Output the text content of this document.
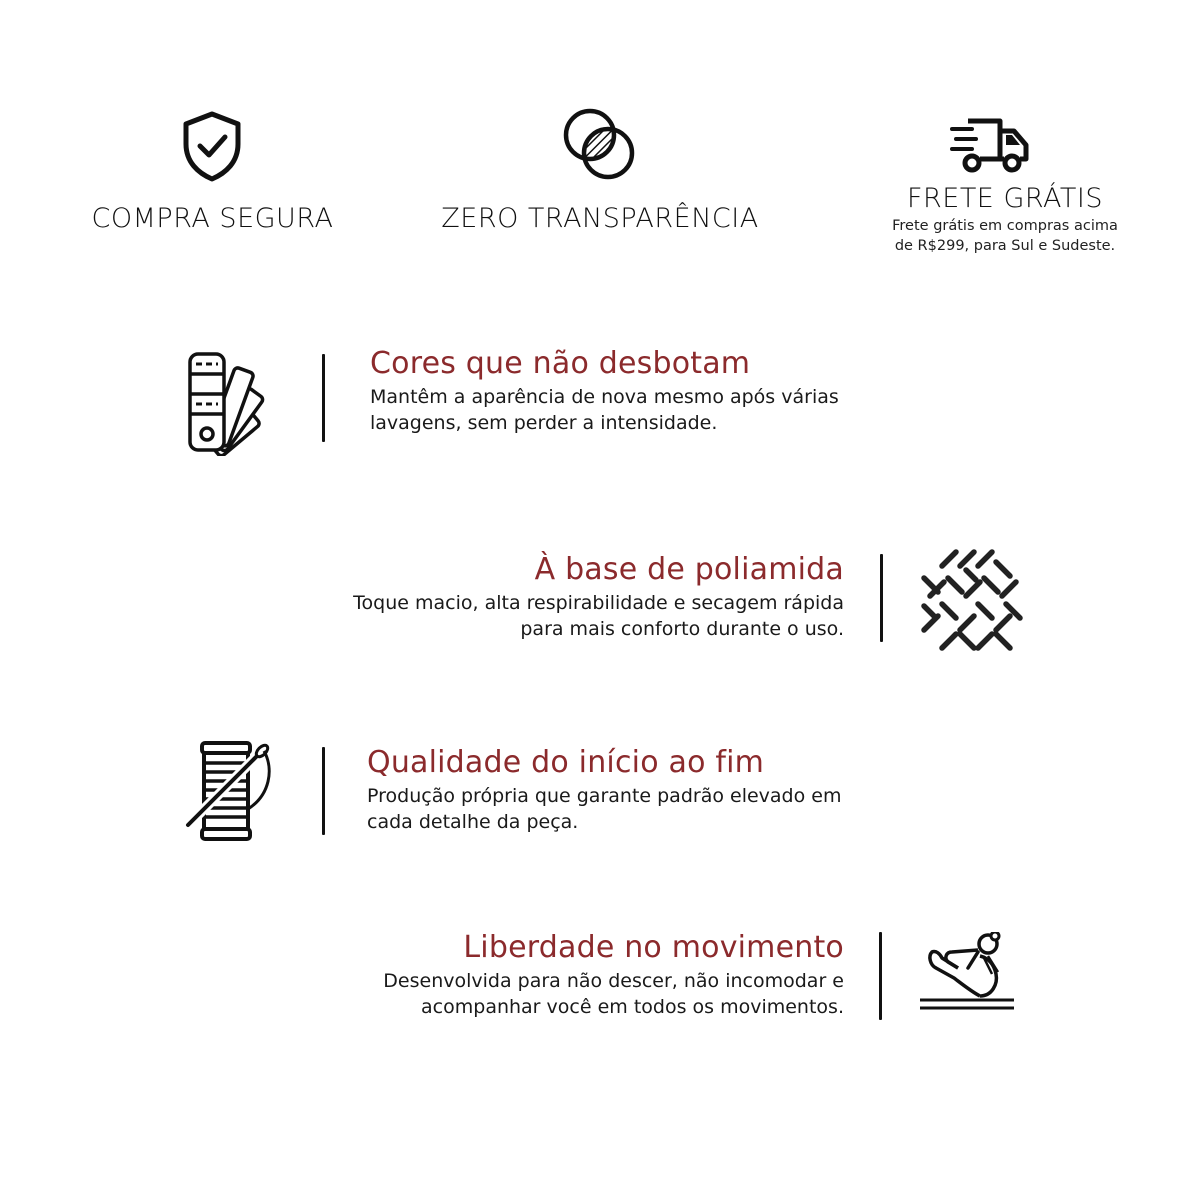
COMPRA SEGURA	ZERO TRANSPARÊNCIA
FRETE GRÁTIS
Frete grátis em compras acima
de R$299, para Sul e Sudeste.
Cores que não desbotam
Mantêm a aparência de nova mesmo após várias
lavagens, sem perder a intensidade.
À base de poliamida
Toque macio, alta respirabilidade e secagem rápida
para mais conforto durante o uso.
Qualidade do início ao fim
Produção própria que garante padrão elevado em
cada detalhe da peça.
Liberdade no movimento
Desenvolvida para não descer, não incomodar e
acompanhar você em todos os movimentos.
